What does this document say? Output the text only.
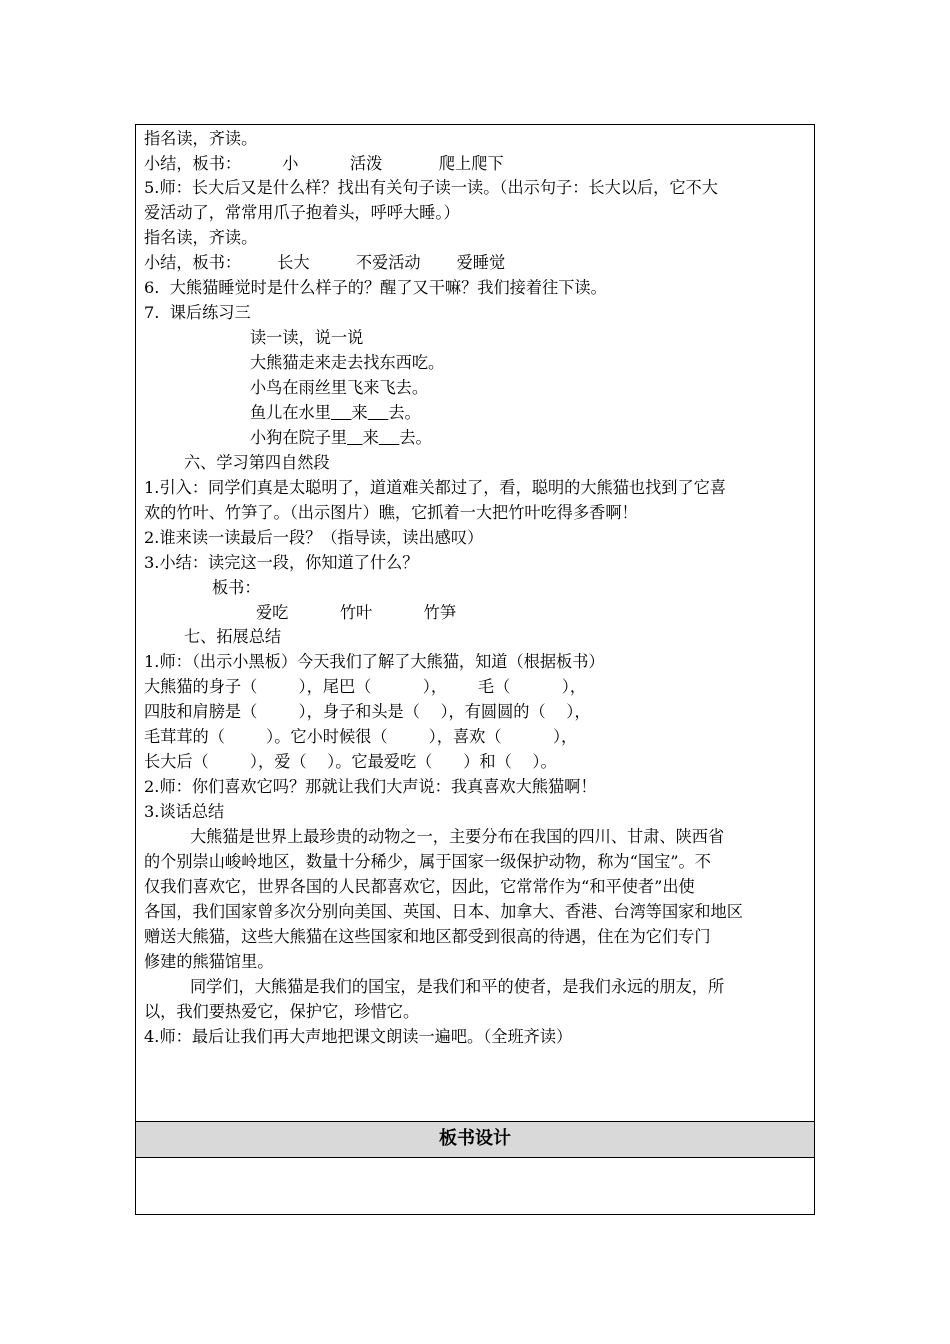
指名读，齐读。
小结，板书：        小          活泼           爬上爬下
5.师：长大后又是什么样？找出有关句子读一读。（出示句子：长大以后，它不大
爱活动了，常常用爪子抱着头，呼呼大睡。）
指名读，齐读。
小结，板书：       长大         不爱活动       爱睡觉
6.  大熊猫睡觉时是什么样子的？醒了又干嘛？我们接着往下读。
7.  课后练习三
读一读，说一说
大熊猫走来走去找东西吃。
小鸟在雨丝里飞来飞去。
鱼儿在水里 来 去。
小狗在院子里 来 去。
六、学习第四自然段
1.引入：同学们真是太聪明了，道道难关都过了，看，聪明的大熊猫也找到了它喜
欢的竹叶、竹笋了。（出示图片）瞧，它抓着一大把竹叶吃得多香啊！
2.谁来读一读最后一段？（指导读，读出感叹）
3.小结：读完这一段，你知道了什么？
板书：
爱吃          竹叶          竹笋
七、拓展总结
1.师：（出示小黑板）今天我们了解了大熊猫，知道（根据板书）
大熊猫的身子（        ），尾巴（          ），      毛（          ），
四肢和肩膀是（        ），身子和头是（    ），有圆圆的（    ），
毛茸茸的（        ）。它小时候很（        ），喜欢（          ），
长大后（        ），爱（    ）。它最爱吃（      ）和（    ）。
2.师：你们喜欢它吗？那就让我们大声说：我真喜欢大熊猫啊！
3.谈话总结
大熊猫是世界上最珍贵的动物之一，主要分布在我国的四川、甘肃、陕西省
的个别崇山峻岭地区，数量十分稀少，属于国家一级保护动物，称为“国宝”。不
仅我们喜欢它，世界各国的人民都喜欢它，因此，它常常作为“和平使者”出使
各国，我们国家曾多次分别向美国、英国、日本、加拿大、香港、台湾等国家和地区
赠送大熊猫，这些大熊猫在这些国家和地区都受到很高的待遇，住在为它们专门
修建的熊猫馆里。
同学们，大熊猫是我们的国宝，是我们和平的使者，是我们永远的朋友，所
以，我们要热爱它，保护它，珍惜它。
4.师：最后让我们再大声地把课文朗读一遍吧。（全班齐读）
板书设计
